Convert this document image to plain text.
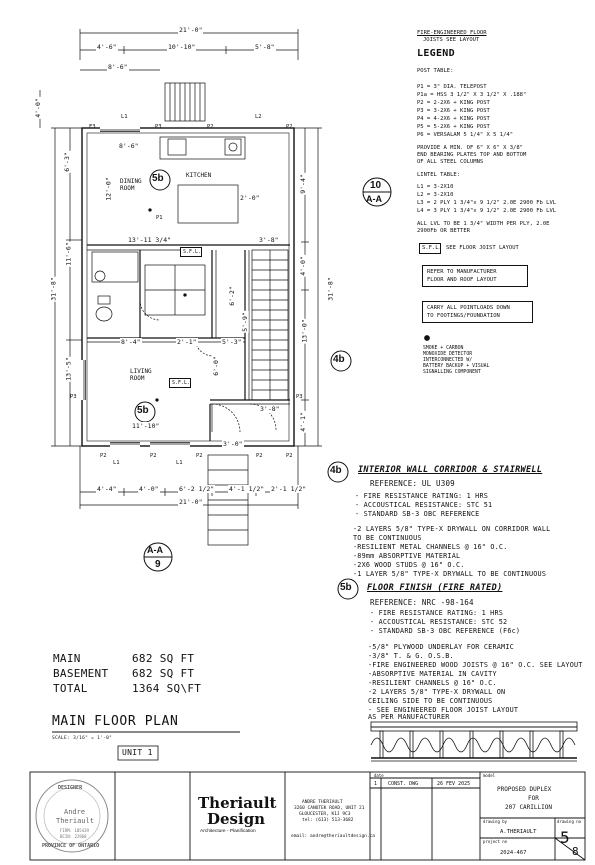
FIRE-ENGINEERED FLOOR
JOISTS SEE LAYOUT
LEGEND
POST TABLE:
P1 = 3" DIA. TELEPOST
P1a = HSS 3 1/2" X 3 1/2" X .188"
P2 = 2-2X6 + KING POST
P3 = 3-2X6 + KING POST
P4 = 4-2X6 + KING POST
P5 = 5-2X6 + KING POST
P6 = VERSALAM 5 1/4" X 5 1/4"
PROVIDE A MIN. OF 6" X 6" X 3/8"
END BEARING PLATES TOP AND BOTTOM
OF ALL STEEL COLUMNS
LINTEL TABLE:
L1 = 3-2X10
L2 = 3-2X10
L3 = 2 PLY 1 3/4"x 9 1/2" 2.0E 2900 Fb LVL
L4 = 3 PLY 1 3/4"x 9 1/2" 2.0E 2900 Fb LVL
ALL LVL TO BE 1 3/4" WIDTH PER PLY, 2.0E
2900Fb OR BETTER
S.F.L. SEE FLOOR JOIST LAYOUT
REFER TO MANUFACTURER
FLOOR AND ROOF LAYOUT
CARRY ALL POINTLOADS DOWN
TO FOOTINGS/FOUNDATION
SMOKE + CARBON
MONOXIDE DETECTOR
INTERCONNECTED W/
BATTERY BACKUP + VISUAL
SIGNALLING COMPONENT
10
A-A
A-A
9
21'-0"
4'-6"	10'-10"	5'-8"
8'-6"
4'-0"
6'-3"
11'-6"
31'-8"
13'-5"
31'-8"
9'-4"
4'-0"
13'-0"
4'-1"
8'-6"
12'-0"	2'-0"
13'-11 3/4"	3'-8"
8'-4"	2'-1"	5'-3"
3'-8"
6'-2"
6'-0"
11'-10"
5'-9"
3'-0"
4'-4"	4'-0"	6'-2 1/2" 4'-1 1/2" 2'-1 1/2"
21'-0"
DINING ROOM
KITCHEN
LIVING ROOM
5b
5b
4b
F3	P3	P2	P2
P1
P3	P3
P2	P2	P2	P2	P2
L1	L2
L1	L1
S.F.L.
S.F.L.
4b INTERIOR WALL CORRIDOR & STAIRWELL
REFERENCE: UL U309
- FIRE RESISTANCE RATING: 1 HRS
- ACCOUSTICAL RESISTANCE: STC 51
- STANDARD SB-3 OBC REFERENCE
-2 LAYERS 5/8" TYPE-X DRYWALL ON CORRIDOR WALL
TO BE CONTINUOUS
-RESILIENT METAL CHANNELS @ 16" O.C.
-89mm ABSORPTIVE MATERIAL
-2X6 WOOD STUDS @ 16" O.C.
-1 LAYER 5/8" TYPE-X DRYWALL TO BE CONTINUOUS
5b FLOOR FINISH (FIRE RATED)
REFERENCE: NRC -98-164
- FIRE RESISTANCE RATING: 1 HRS
- ACCOUSTICAL RESISTANCE: STC 52
- STANDARD SB-3 OBC REFERENCE (F6c)
-5/8" PLYWOOD UNDERLAY FOR CERAMIC
-3/8" T. & G. O.S.B.
-FIRE ENGINEERED WOOD JOISTS @ 16" O.C. SEE LAYOUT
-ABSORPTIVE MATERIAL IN CAVITY
-RESILIENT CHANNELS @ 16" O.C.
-2 LAYERS 5/8" TYPE-X DRYWALL ON
CEILING SIDE TO BE CONTINUOUS
- SEE ENGINEERED FLOOR JOIST LAYOUT
AS PER MANUFACTURER
MAIN	682 SQ FT
BASEMENT 682 SQ FT
TOTAL	1364 SQ\FT
MAIN FLOOR PLAN
SCALE: 3/16" = 1'-0"
UNIT 1
DESIGNER
Andre
Theriault
FIRM: 105439
BCIN: 22968
PROVINCE OF ONTARIO
Theriault
Design
Architecture - Planification
ANDRE THERIAULT
3260 CANOTEK ROAD, UNIT 21
GLOUCESTER, K1J 9C3
tel: (613) 513-3682
email: andre@theriaultdesign.ca
date
1 CONST. DWG	26 FEV 2025
model
PROPOSED DUPLEX
FOR
207 CARILLION
drawing by	drawing no
A.THERIAULT
project no
2024-467
5
8
